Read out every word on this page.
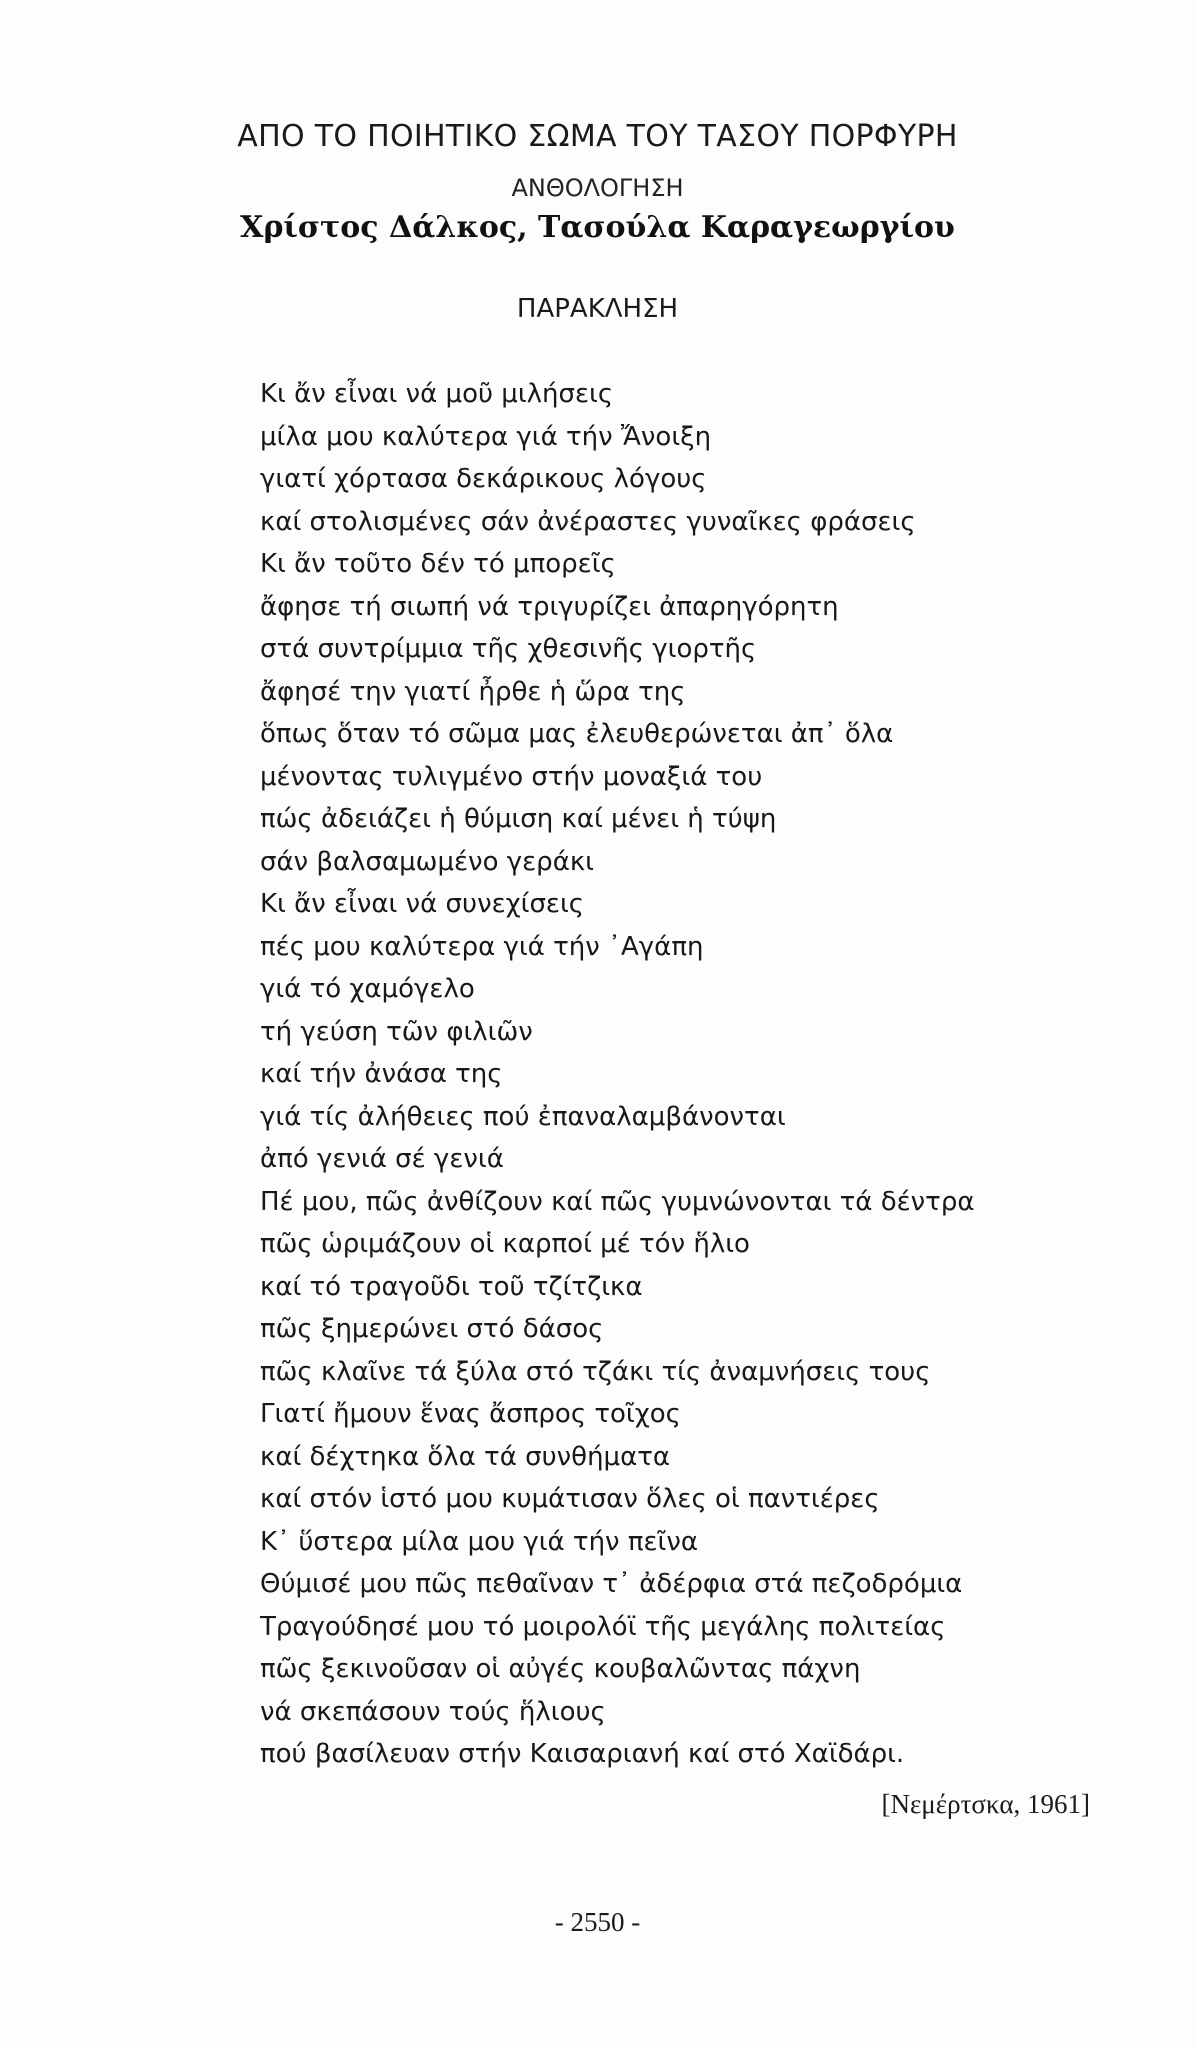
ΑΠΟ ΤΟ ΠΟΙΗΤΙΚΟ ΣΩΜΑ ΤΟΥ ΤΑΣΟΥ ΠΟΡΦΥΡΗ
ΑΝΘΟΛΟΓΗΣΗ
Χρίστος Δάλκος, Τασούλα Καραγεωργίου
ΠΑΡΑΚΛΗΣΗ
Κι ἄν εἶναι νά μοῦ μιλήσεις
μίλα μου καλύτερα γιά τήν Ἄνοιξη
γιατί χόρτασα δεκάρικους λόγους
καί στολισμένες σάν ἀνέραστες γυναῖκες φράσεις
Κι ἄν τοῦτο δέν τό μπορεῖς
ἄφησε τή σιωπή νά τριγυρίζει ἀπαρηγόρητη
στά συντρίμμια τῆς χθεσινῆς γιορτῆς
ἄφησέ την γιατί ἦρθε ἡ ὥρα της
ὅπως ὅταν τό σῶμα μας ἐλευθερώνεται ἀπ᾽ ὅλα
μένοντας τυλιγμένο στήν μοναξιά του
πώς ἀδειάζει ἡ θύμιση καί μένει ἡ τύψη
σάν βαλσαμωμένο γεράκι
Κι ἄν εἶναι νά συνεχίσεις
πές μου καλύτερα γιά τήν ᾿Αγάπη
γιά τό χαμόγελο
τή γεύση τῶν φιλιῶν
καί τήν ἀνάσα της
γιά τίς ἀλήθειες πού ἐπαναλαμβάνονται
ἀπό γενιά σέ γενιά
Πέ μου, πῶς ἀνθίζουν καί πῶς γυμνώνονται τά δέντρα
πῶς ὡριμάζουν οἱ καρποί μέ τόν ἥλιο
καί τό τραγοῦδι τοῦ τζίτζικα
πῶς ξημερώνει στό δάσος
πῶς κλαῖνε τά ξύλα στό τζάκι τίς ἀναμνήσεις τους
Γιατί ἤμουν ἕνας ἄσπρος τοῖχος
καί δέχτηκα ὅλα τά συνθήματα
καί στόν ἱστό μου κυμάτισαν ὅλες οἱ παντιέρες
Κ᾽ ὕστερα μίλα μου γιά τήν πεῖνα
Θύμισέ μου πῶς πεθαῖναν τ᾽ ἀδέρφια στά πεζοδρόμια
Τραγούδησέ μου τό μοιρολόϊ τῆς μεγάλης πολιτείας
πῶς ξεκινοῦσαν οἱ αὐγές κουβαλῶντας πάχνη
νά σκεπάσουν τούς ἥλιους
πού βασίλευαν στήν Καισαριανή καί στό Χαϊδάρι.
[Νεμέρτσκα, 1961]
- 2550 -
